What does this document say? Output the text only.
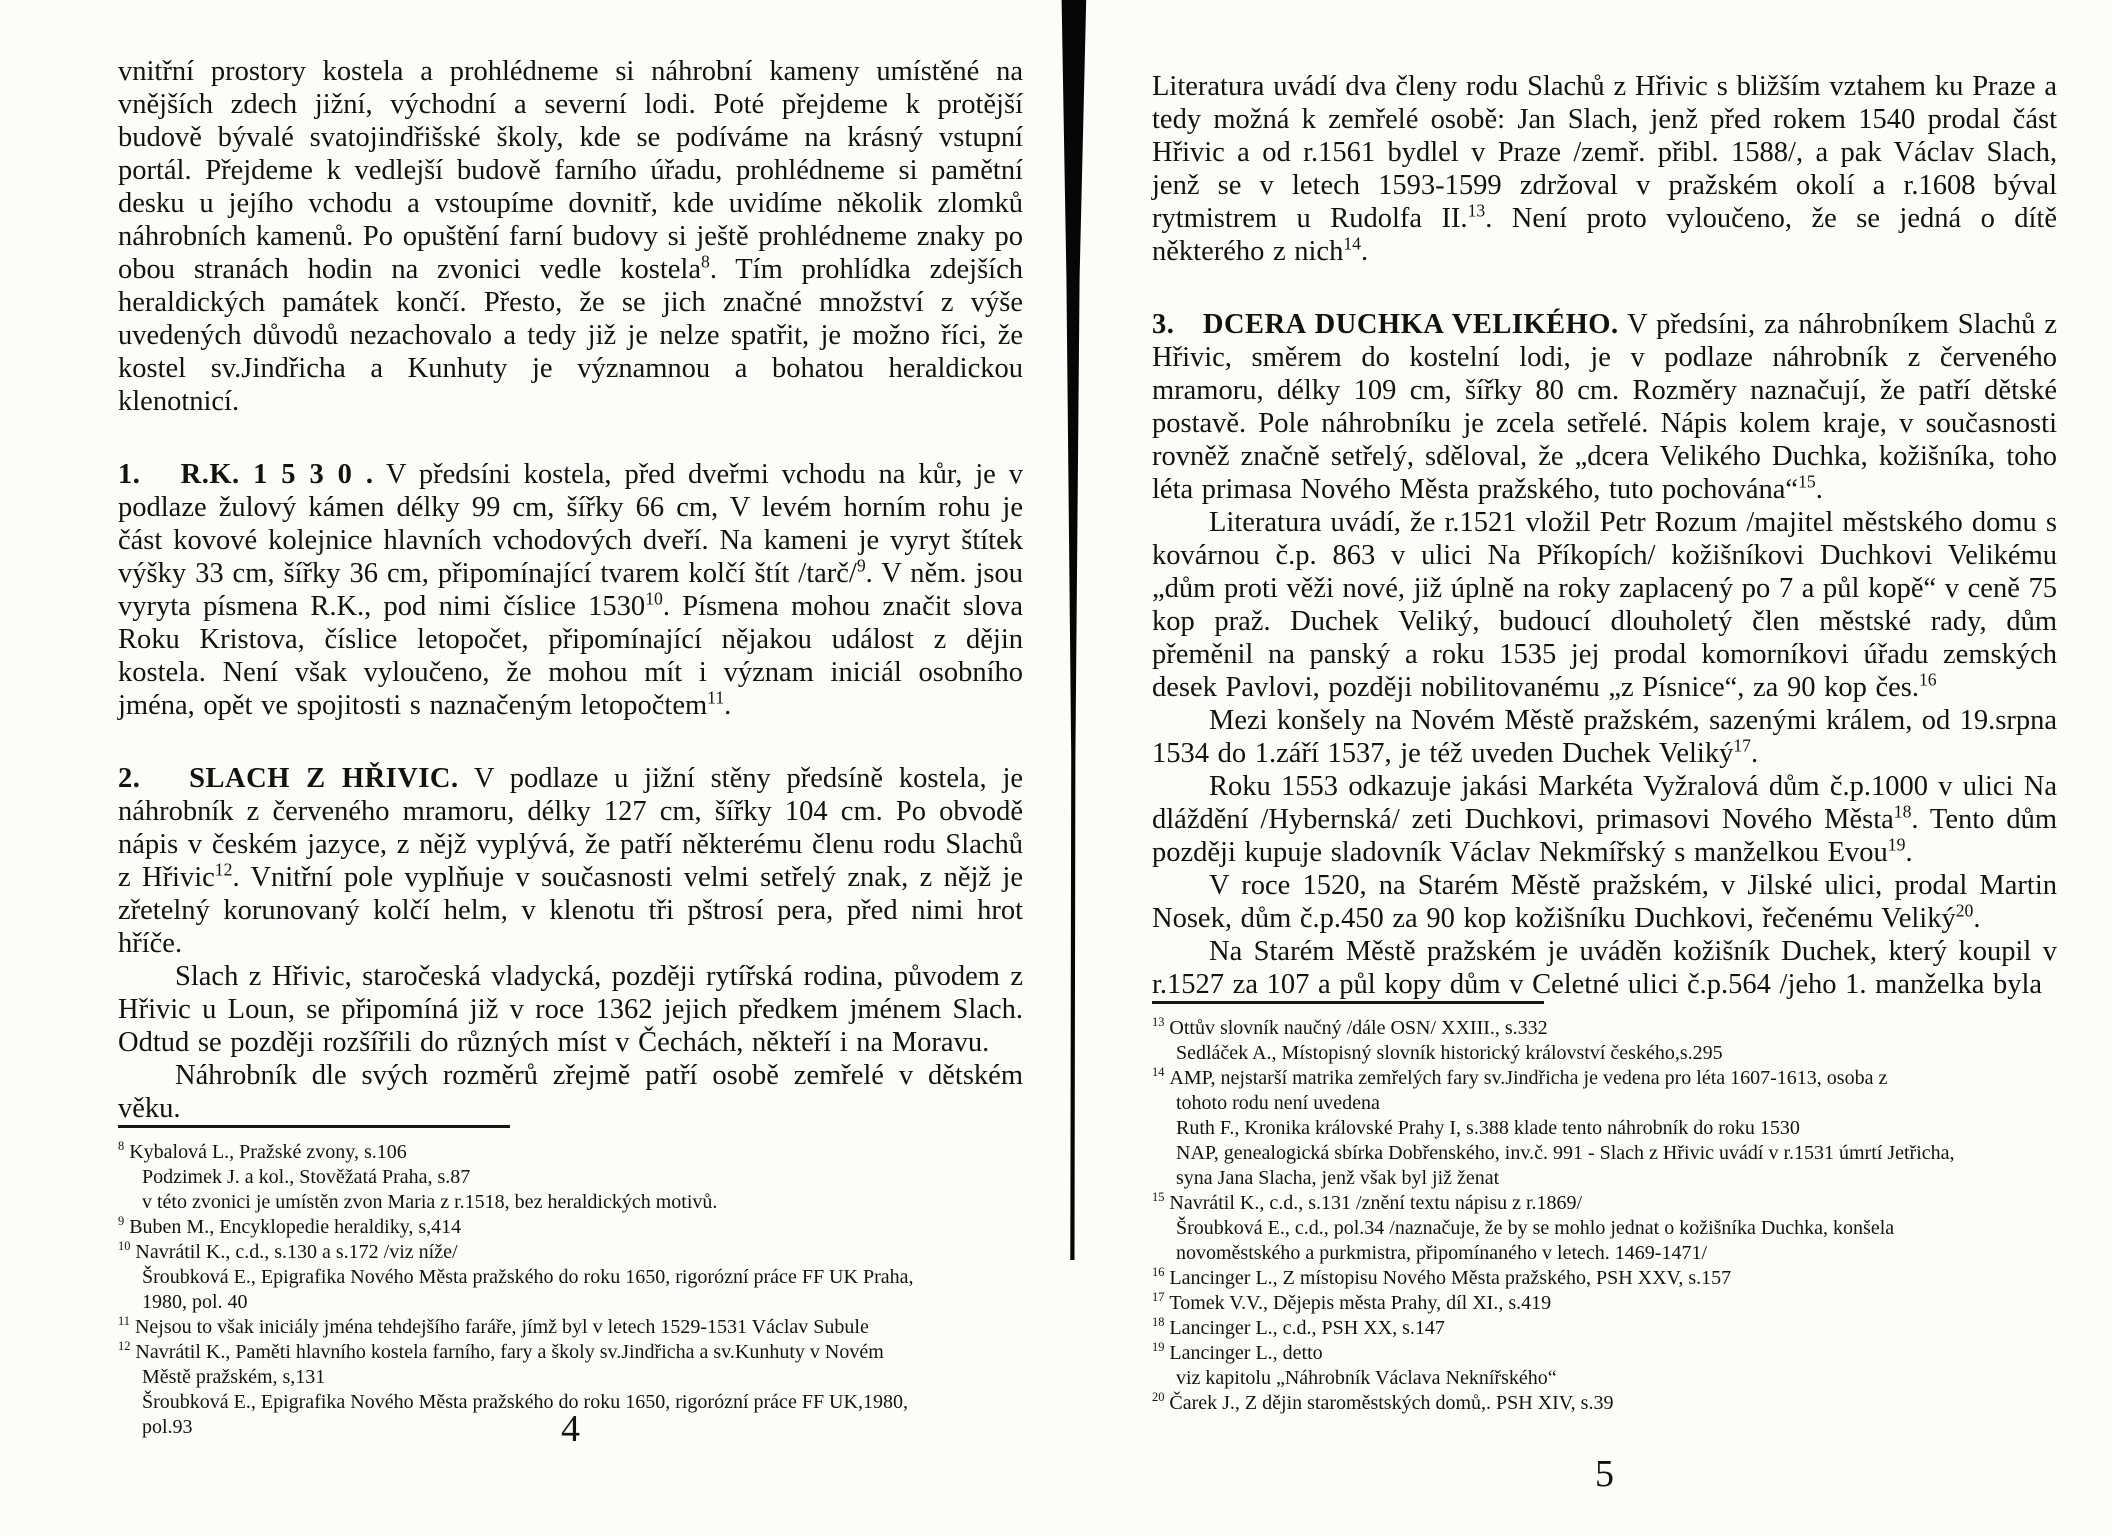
vnitřní prostory kostela a prohlédneme si náhrobní kameny umístěné na vnějších zdech jižní, východní a severní lodi. Poté přejdeme k protější budově bývalé svatojindřišské školy, kde se podíváme na krásný vstupní portál. Přejdeme k vedlejší budově farního úřadu, prohlédneme si pamětní desku u jejího vchodu a vstoupíme dovnitř, kde uvidíme několik zlomků náhrobních kamenů. Po opuštění farní budovy si ještě prohlédneme znaky po obou stranách hodin na zvonici vedle kostela$^8$. Tím prohlídka zdejších heraldických památek končí. Přesto, že se jich značné množství z výše uvedených důvodů nezachovalo a tedy již je nelze spatřit, je možno říci, že kostel sv.Jindřicha a Kunhuty je významnou a bohatou heraldickou klenotnicí.

1.   R.K. 1 5 3 0 . V předsíni kostela, před dveřmi vchodu na kůr, je v podlaze žulový kámen délky 99 cm, šířky 66 cm, V levém horním rohu je část kovové kolejnice hlavních vchodových dveří. Na kameni je vyryt štítek výšky 33 cm, šířky 36 cm, připomínající tvarem kolčí štít /tarč/$^9$. V něm. jsou vyryta písmena R.K., pod nimi číslice 1530$^{10}$. Písmena mohou značit slova Roku Kristova, číslice letopočet, připomínající nějakou událost z dějin kostela. Není však vyloučeno, že mohou mít i význam iniciál osobního jména, opět ve spojitosti s naznačeným letopočtem$^{11}$.

2.   SLACH Z HŘIVIC. V podlaze u jižní stěny předsíně kostela, je náhrobník z červeného mramoru, délky 127 cm, šířky 104 cm. Po obvodě nápis v českém jazyce, z nějž vyplývá, že patří některému členu rodu Slachů z Hřivic$^{12}$. Vnitřní pole vyplňuje v současnosti velmi setřelý znak, z nějž je zřetelný korunovaný kolčí helm, v klenotu tři pštrosí pera, před nimi hrot hříče.

Slach z Hřivic, staročeská vladycká, později rytířská rodina, původem z Hřivic u Loun, se připomíná již v roce 1362 jejich předkem jménem Slach. Odtud se později rozšířili do různých míst v Čechách, někteří i na Moravu.

Náhrobník dle svých rozměrů zřejmě patří osobě zemřelé v dětském věku.

$^8$ Kybalová L., Pražské zvony, s.106
Podzimek J. a kol., Stověžatá Praha, s.87
v této zvonici je umístěn zvon Maria z r.1518, bez heraldických motivů.
$^9$ Buben M., Encyklopedie heraldiky, s,414
$^{10}$ Navrátil K., c.d., s.130 a s.172 /viz níže/
Šroubková E., Epigrafika Nového Města pražského do roku 1650, rigorózní práce FF UK Praha,
1980, pol. 40
$^{11}$ Nejsou to však iniciály jména tehdejšího faráře, jímž byl v letech 1529-1531 Václav Subule
$^{12}$ Navrátil K., Paměti hlavního kostela farního, fary a školy sv.Jindřicha a sv.Kunhuty v Novém
Městě pražském, s,131
Šroubková E., Epigrafika Nového Města pražského do roku 1650, rigorózní práce FF UK,1980,
pol.93	4

Literatura uvádí dva členy rodu Slachů z Hřivic s bližším vztahem ku Praze a tedy možná k zemřelé osobě: Jan Slach, jenž před rokem 1540 prodal část Hřivic a od r.1561 bydlel v Praze /zemř. přibl. 1588/, a pak Václav Slach, jenž se v letech 1593-1599 zdržoval v pražském okolí a r.1608 býval rytmistrem u Rudolfa II.$^{13}$. Není proto vyloučeno, že se jedná o dítě některého z nich$^{14}$.

3.   DCERA DUCHKA VELIKÉHO. V předsíni, za náhrobníkem Slachů z Hřivic, směrem do kostelní lodi, je v podlaze náhrobník z červeného mramoru, délky 109 cm, šířky 80 cm. Rozměry naznačují, že patří dětské postavě. Pole náhrobníku je zcela setřelé. Nápis kolem kraje, v současnosti rovněž značně setřelý, sděloval, že „dcera Velikého Duchka, kožišníka, toho léta primasa Nového Města pražského, tuto pochována“$^{15}$.

Literatura uvádí, že r.1521 vložil Petr Rozum /majitel městského domu s kovárnou č.p. 863 v ulici Na Příkopích/ kožišníkovi Duchkovi Velikému „dům proti věži nové, již úplně na roky zaplacený po 7 a půl kopě“ v ceně 75 kop praž. Duchek Veliký, budoucí dlouholetý člen městské rady, dům přeměnil na panský a roku 1535 jej prodal komorníkovi úřadu zemských desek Pavlovi, později nobilitovanému „z Písnice“, za 90 kop čes.$^{16}$

Mezi konšely na Novém Městě pražském, sazenými králem, od 19.srpna 1534 do 1.září 1537, je též uveden Duchek Veliký$^{17}$.

Roku 1553 odkazuje jakási Markéta Vyžralová dům č.p.1000 v ulici Na dláždění /Hybernská/ zeti Duchkovi, primasovi Nového Města$^{18}$. Tento dům později kupuje sladovník Václav Nekmířský s manželkou Evou$^{19}$.

V roce 1520, na Starém Městě pražském, v Jilské ulici, prodal Martin Nosek, dům č.p.450 za 90 kop kožišníku Duchkovi, řečenému Veliký$^{20}$.

Na Starém Městě pražském je uváděn kožišník Duchek, který koupil v r.1527 za 107 a půl kopy dům v Celetné ulici č.p.564 /jeho 1. manželka byla

$^{13}$ Ottův slovník naučný /dále OSN/ XXIII., s.332
Sedláček A., Místopisný slovník historický království českého,s.295
$^{14}$ AMP, nejstarší matrika zemřelých fary sv.Jindřicha je vedena pro léta 1607-1613, osoba z
tohoto rodu není uvedena
Ruth F., Kronika královské Prahy I, s.388 klade tento náhrobník do roku 1530
NAP, genealogická sbírka Dobřenského, inv.č. 991 - Slach z Hřivic uvádí v r.1531 úmrtí Jetřicha,
syna Jana Slacha, jenž však byl již ženat
$^{15}$ Navrátil K., c.d., s.131 /znění textu nápisu z r.1869/
Šroubková E., c.d., pol.34 /naznačuje, že by se mohlo jednat o kožišníka Duchka, konšela
novoměstského a purkmistra, připomínaného v letech. 1469-1471/
$^{16}$ Lancinger L., Z místopisu Nového Města pražského, PSH XXV, s.157
$^{17}$ Tomek V.V., Dějepis města Prahy, díl XI., s.419
$^{18}$ Lancinger L., c.d., PSH XX, s.147
$^{19}$ Lancinger L., detto
viz kapitolu „Náhrobník Václava Neknířského“
$^{20}$ Čarek J., Z dějin staroměstských domů,. PSH XIV, s.39
5
